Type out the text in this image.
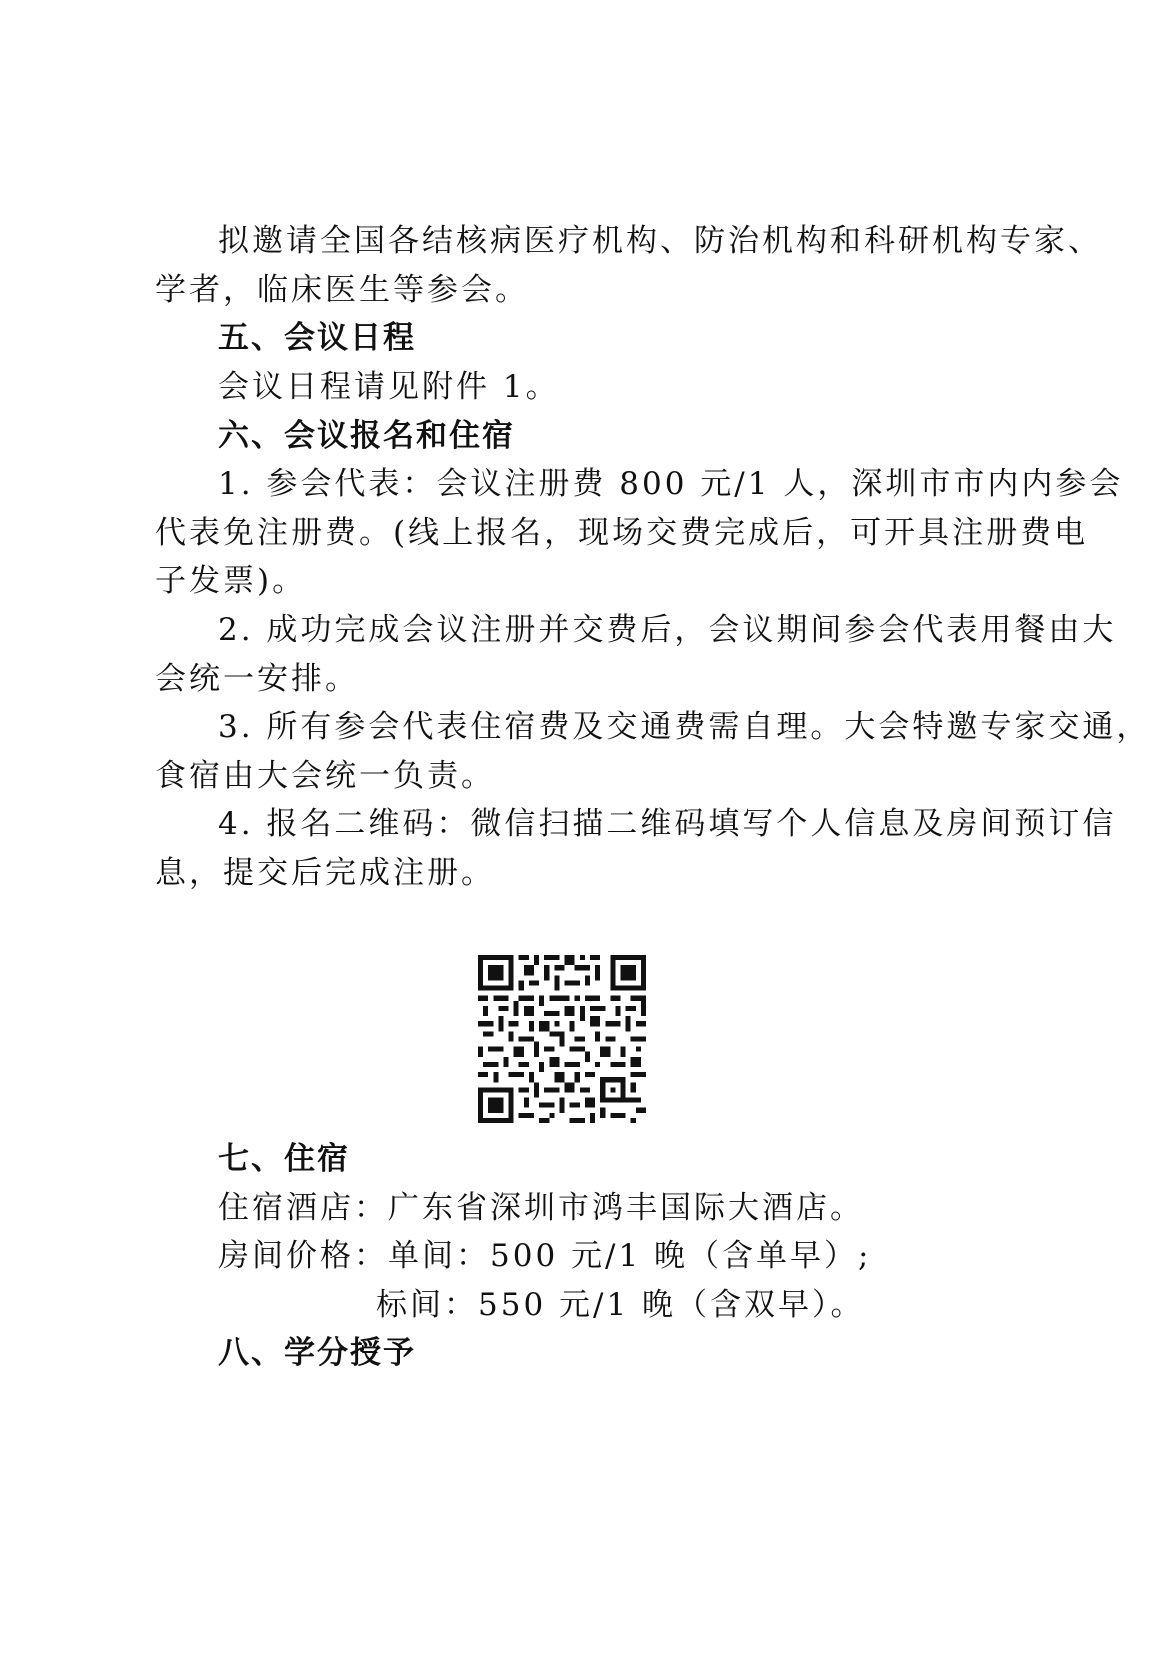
拟邀请全国各结核病医疗机构、防治机构和科研机构专家、
学者，临床医生等参会。
五、会议日程
会议日程请见附件 1。
六、会议报名和住宿
1. 参会代表：会议注册费 800 元/1 人，深圳市市内内参会
代表免注册费。(线上报名，现场交费完成后，可开具注册费电
子发票)。
2. 成功完成会议注册并交费后，会议期间参会代表用餐由大
会统一安排。
3. 所有参会代表住宿费及交通费需自理。大会特邀专家交通，
食宿由大会统一负责。
4. 报名二维码：微信扫描二维码填写个人信息及房间预订信
息，提交后完成注册。
七、住宿
住宿酒店：广东省深圳市鸿丰国际大酒店。
房间价格：单间：500 元/1 晚（含单早）;
标间：550 元/1 晚（含双早）。
八、学分授予
